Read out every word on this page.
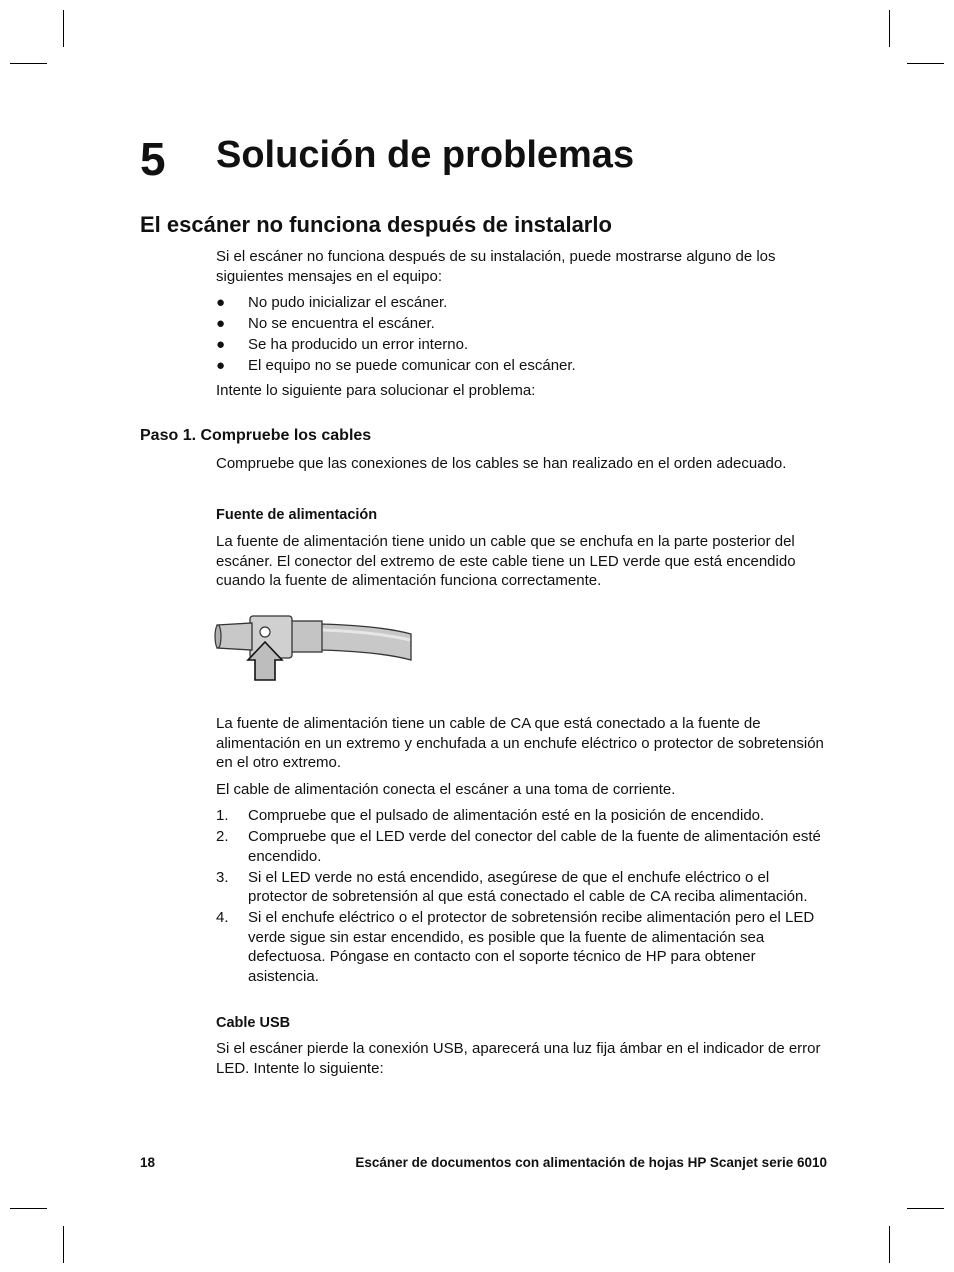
5 Solución de problemas
El escáner no funciona después de instalarlo
Si el escáner no funciona después de su instalación, puede mostrarse alguno de los siguientes mensajes en el equipo:
● No pudo inicializar el escáner.
● No se encuentra el escáner.
● Se ha producido un error interno.
● El equipo no se puede comunicar con el escáner.
Intente lo siguiente para solucionar el problema:
Paso 1. Compruebe los cables
Compruebe que las conexiones de los cables se han realizado en el orden adecuado.
Fuente de alimentación
La fuente de alimentación tiene unido un cable que se enchufa en la parte posterior del escáner. El conector del extremo de este cable tiene un LED verde que está encendido cuando la fuente de alimentación funciona correctamente.
La fuente de alimentación tiene un cable de CA que está conectado a la fuente de alimentación en un extremo y enchufada a un enchufe eléctrico o protector de sobretensión en el otro extremo.
El cable de alimentación conecta el escáner a una toma de corriente.
1. Compruebe que el pulsado de alimentación esté en la posición de encendido.
2. Compruebe que el LED verde del conector del cable de la fuente de alimentación esté encendido.
3. Si el LED verde no está encendido, asegúrese de que el enchufe eléctrico o el protector de sobretensión al que está conectado el cable de CA reciba alimentación.
4. Si el enchufe eléctrico o el protector de sobretensión recibe alimentación pero el LED verde sigue sin estar encendido, es posible que la fuente de alimentación sea defectuosa. Póngase en contacto con el soporte técnico de HP para obtener asistencia.
Cable USB
Si el escáner pierde la conexión USB, aparecerá una luz fija ámbar en el indicador de error LED. Intente lo siguiente:
18	Escáner de documentos con alimentación de hojas HP Scanjet serie 6010
